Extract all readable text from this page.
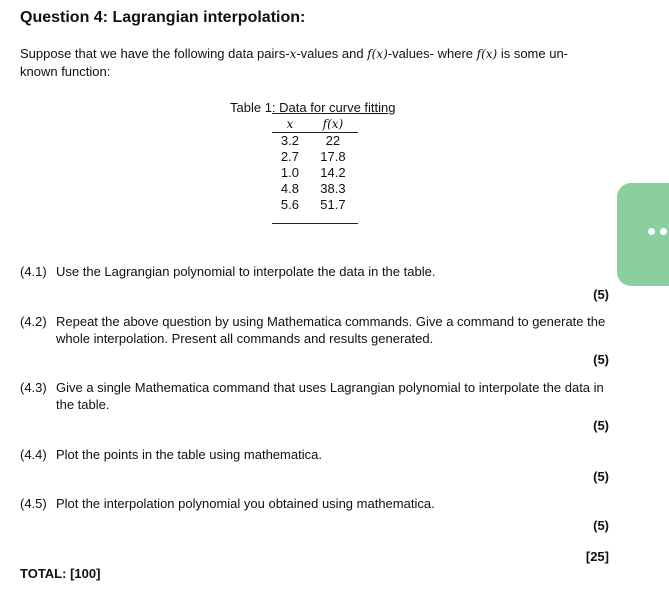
Question 4: Lagrangian interpolation:
Suppose that we have the following data pairs-x-values and f(x)-values- where f(x) is some un-
known function:
Table 1: Data for curve fitting
x	f(x)
3.2	22
2.7	17.8
1.0	14.2
4.8	38.3
5.6	51.7
(4.1) Use the Lagrangian polynomial to interpolate the data in the table.
(5)
(4.2) Repeat the above question by using Mathematica commands. Give a command to generate the whole interpolation. Present all commands and results generated.
(5)
(4.3) Give a single Mathematica command that uses Lagrangian polynomial to interpolate the data in the table.
(5)
(4.4) Plot the points in the table using mathematica.
(5)
(4.5) Plot the interpolation polynomial you obtained using mathematica.
(5)
[25]
TOTAL: [100]
